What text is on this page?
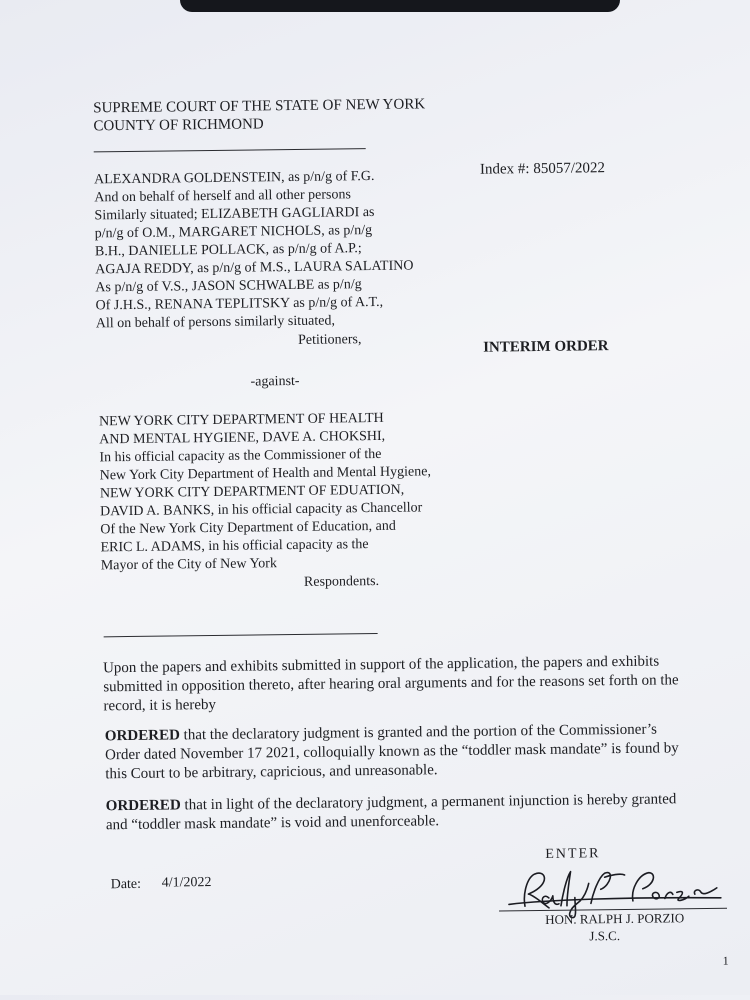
SUPREME COURT OF THE STATE OF NEW YORK
COUNTY OF RICHMOND
Index #: 85057/2022
ALEXANDRA GOLDENSTEIN, as p/n/g of F.G.
And on behalf of herself and all other persons
Similarly situated; ELIZABETH GAGLIARDI as
p/n/g of O.M., MARGARET NICHOLS, as p/n/g
B.H., DANIELLE POLLACK, as p/n/g of A.P.;
AGAJA REDDY, as p/n/g of M.S., LAURA SALATINO
As p/n/g of V.S., JASON SCHWALBE as p/n/g
Of J.H.S., RENANA TEPLITSKY as p/n/g of A.T.,
All on behalf of persons similarly situated,
Petitioners,	INTERIM ORDER
-against-
NEW YORK CITY DEPARTMENT OF HEALTH
AND MENTAL HYGIENE, DAVE A. CHOKSHI,
In his official capacity as the Commissioner of the
New York City Department of Health and Mental Hygiene,
NEW YORK CITY DEPARTMENT OF EDUATION,
DAVID A. BANKS, in his official capacity as Chancellor
Of the New York City Department of Education, and
ERIC L. ADAMS, in his official capacity as the
Mayor of the City of New York
Respondents.
Upon the papers and exhibits submitted in support of the application, the papers and exhibits
submitted in opposition thereto, after hearing oral arguments and for the reasons set forth on the
record, it is hereby
ORDERED that the declaratory judgment is granted and the portion of the Commissioner’s
Order dated November 17 2021, colloquially known as the “toddler mask mandate” is found by
this Court to be arbitrary, capricious, and unreasonable.
ORDERED that in light of the declaratory judgment, a permanent injunction is hereby granted
and “toddler mask mandate” is void and unenforceable.
ENTER
Date: 4/1/2022
HON. RALPH J. PORZIO
J.S.C.
1
